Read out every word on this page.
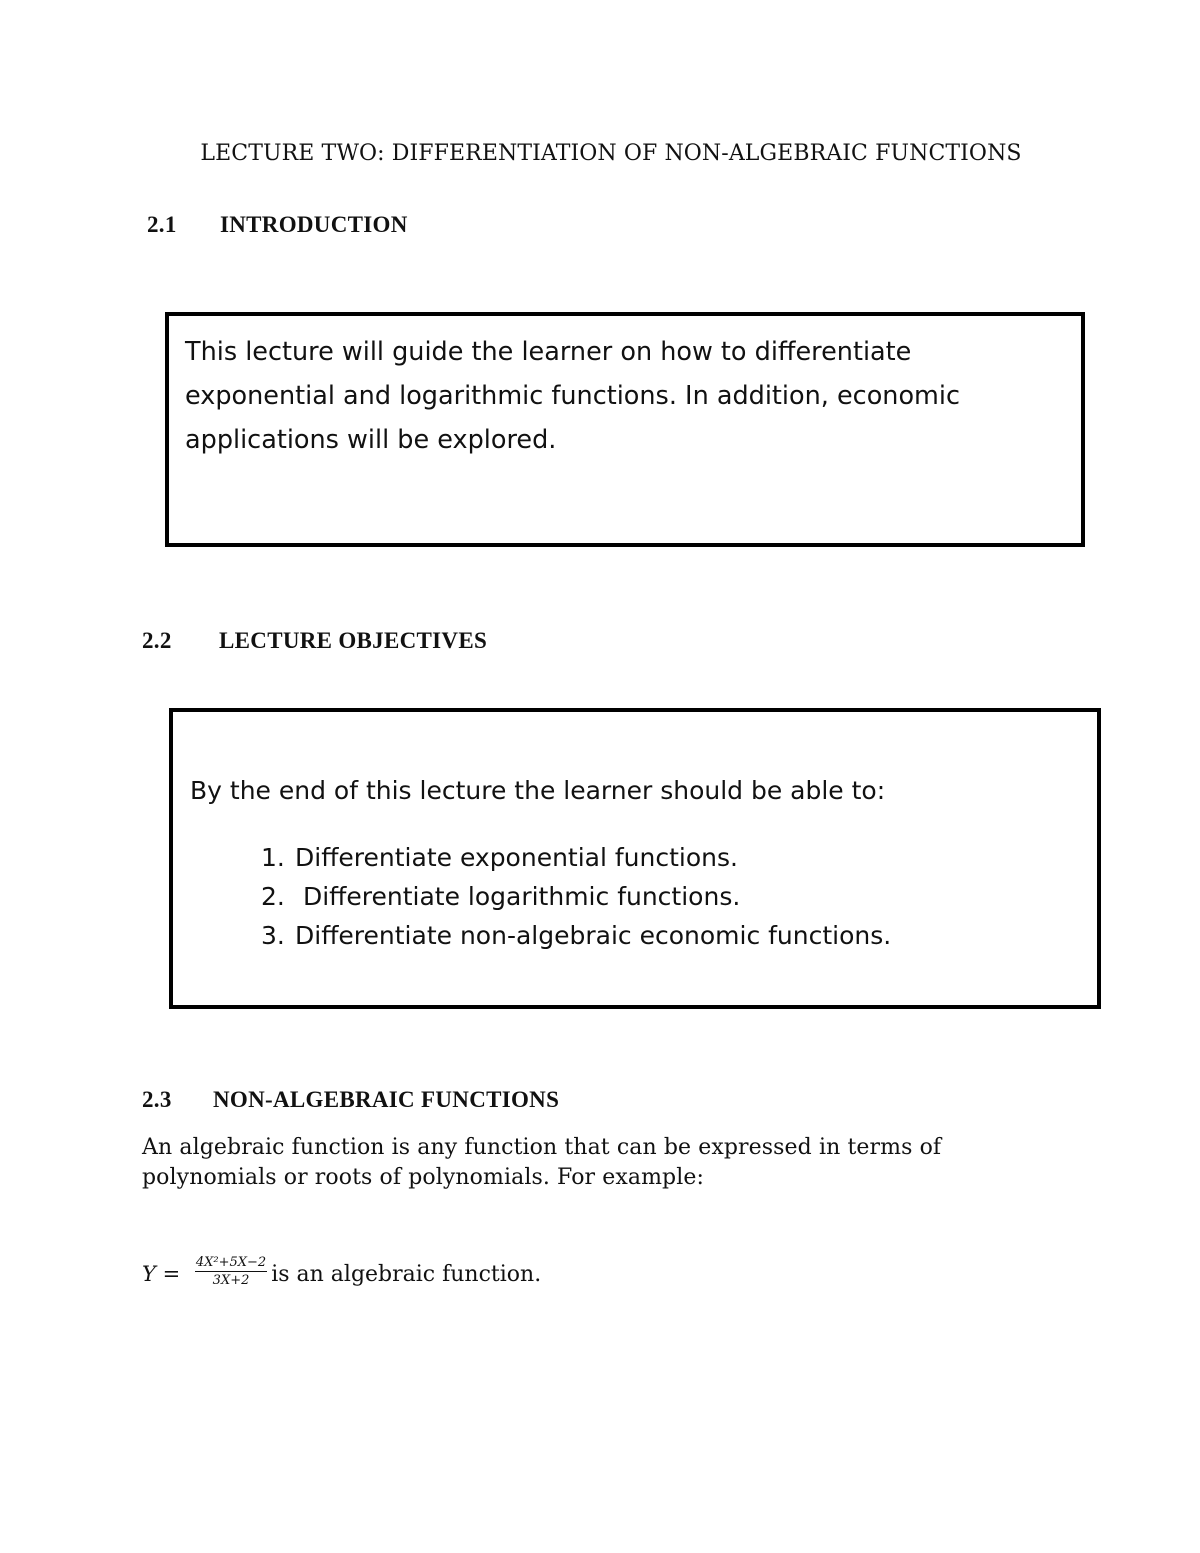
LECTURE TWO: DIFFERENTIATION OF NON-ALGEBRAIC FUNCTIONS
2.1 INTRODUCTION

This lecture will guide the learner on how to differentiate exponential and logarithmic functions. In addition, economic applications will be explored.

2.2 LECTURE OBJECTIVES

By the end of this lecture the learner should be able to:

1. Differentiate exponential functions.
2. Differentiate logarithmic functions.
3. Differentiate non-algebraic economic functions.
2.3 NON-ALGEBRAIC FUNCTIONS

An algebraic function is any function that can be expressed in terms of polynomials or roots of polynomials. For example:

$Y = \frac{\text{4X²+5X−2}}{3X+2}$ is an algebraic function.
